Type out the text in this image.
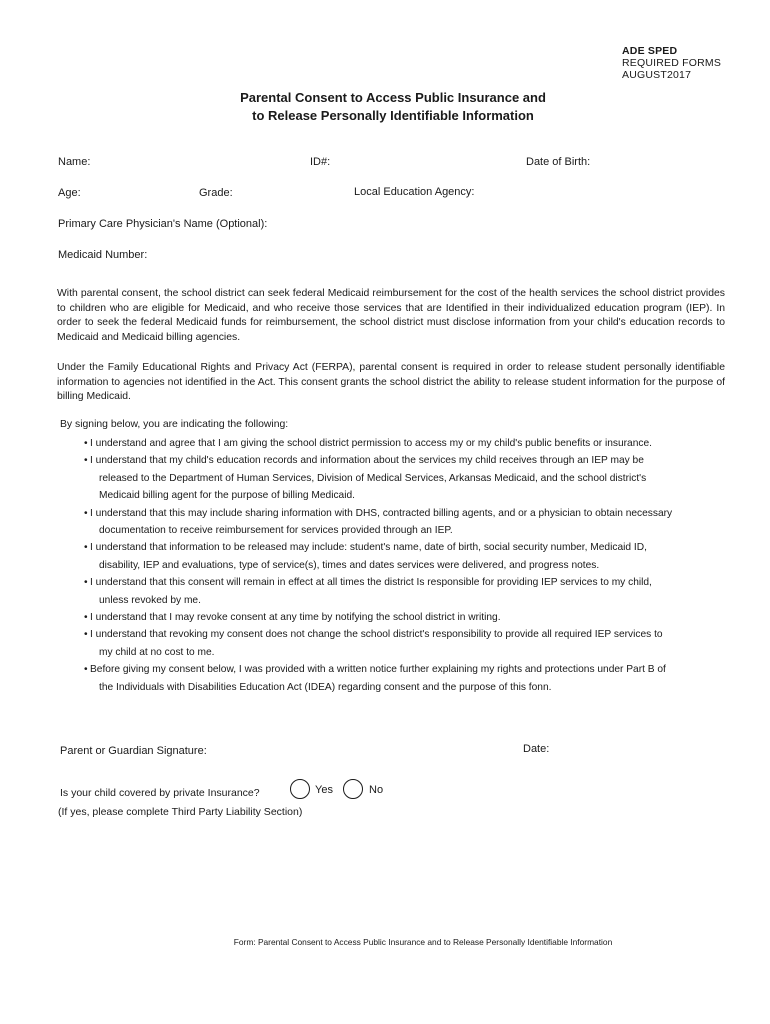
ADE SPED
REQUIRED FORMS
AUGUST2017
Parental Consent to Access Public Insurance and
to Release Personally Identifiable Information
Name:	ID#:	Date of Birth:
Age:	Grade:	Local Education Agency:
Primary Care Physician's Name (Optional):
Medicaid Number:
With parental consent, the school district can seek federal Medicaid reimbursement for the cost of the health services the school district provides to children who are eligible for Medicaid, and who receive those services that are Identified in their individualized education program (IEP). In order to seek the federal Medicaid funds for reimbursement, the school district must disclose information from your child's education records to Medicaid and Medicaid billing agencies.
Under the Family Educational Rights and Privacy Act (FERPA), parental consent is required in order to release student personally identifiable information to agencies not identified in the Act. This consent grants the school district the ability to release student information for the purpose of billing Medicaid.
By signing below, you are indicating the following:
• I understand and agree that I am giving the school district permission to access my or my child's public benefits or insurance.
• I understand that my child's education records and information about the services my child receives through an IEP may be released to the Department of Human Services, Division of Medical Services, Arkansas Medicaid, and the school district's Medicaid billing agent for the purpose of billing Medicaid.
• I understand that this may include sharing information with DHS, contracted billing agents, and or a physician to obtain necessary documentation to receive reimbursement for services provided through an IEP.
• I understand that information to be released may include: student's name, date of birth, social security number, Medicaid ID, disability, IEP and evaluations, type of service(s), times and dates services were delivered, and progress notes.
• I understand that this consent will remain in effect at all times the district Is responsible for providing IEP services to my child, unless revoked by me.
• I understand that I may revoke consent at any time by notifying the school district in writing.
• I understand that revoking my consent does not change the school district's responsibility to provide all required IEP services to my child at no cost to me.
• Before giving my consent below, I was provided with a written notice further explaining my rights and protections under Part B of the Individuals with Disabilities Education Act (IDEA) regarding consent and the purpose of this fonn.
Parent or Guardian Signature:	Date:
Is your child covered by private Insurance?	Yes	No
(If yes, please complete Third Party Liability Section)
Form: Parental Consent to Access Public Insurance and to Release Personally Identifiable Information
